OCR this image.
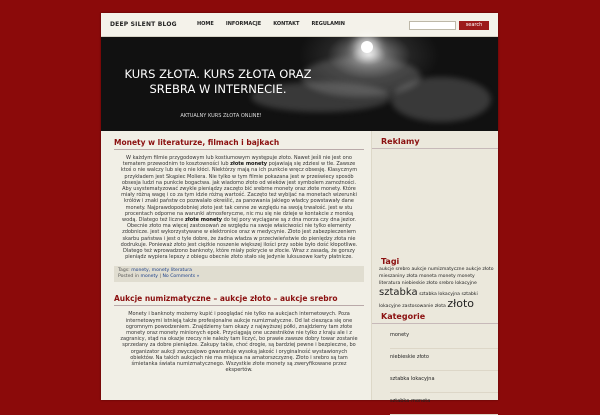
DEEP SILENT BLOG	HOME INFORMACJE KONTAKT REGULAMIN	search
KURS ZŁOTA. KURS ZŁOTA ORAZ SREBRA W INTERNECIE.
AKTUALNY KURS ZŁOTA ONLINE!
Monety w literaturze, filmach i bajkach
W każdym filmie przygodowym lub kostiumowym występuje złoto. Nawet jeśli nie jest ono tematem przewodnim to kosztowności lub złote monety pojawiają się zdziesi w tle. Zawsze ktoś o nie walczy lub się o nie kłóci. Niektórzy mają na ich punkcie wręcz obsesję. Klasycznym przykładem jest Skąpiec Moliera. Nie tylko w tym filmie pokazana jest w przeświecy sposób obsesja ludzi na punkcie bogactwa. jak wiadomo złoto od wieków jest symbolem zamożności. Aby usystematyzować zwykle pieniądzy zaczęto bić srebrne monety oraz złote monety. Które miały różną wagę i co za tym idzie różną wartość. Zaczęto też wybijać na monetach wizerunki królów i znaki państw co pozwalało określić, za panowania jakiego władcy powstawały dane monety. Najprawdopodobniej złoto jest tak cenne ze względu na swoją trwałość. jest w stu procentach odporne na warunki atmosferyczne, nic mu się nie dzieje w kontakcie z morską wodą. Dlatego też liczne złote monety do tej pory wyciągane są z dna morza czy dna jezior. Obecnie złoto ma więcej zastosowań ze względu na swoje właściwości nie tylko elementy zdobnicze. jest wykorzystywane w elektronice oraz w medycynie. Złoto jest zabezpieczeniem skarbu państwa i jest o tyle dobre, że żadna władza w przeciwieństwie do pieniędzy złota nie dodrukuje. Ponieważ złoto jest ciężkie noszenie większej ilości przy sobie było dość kłopotliwe. Dlatego też wprowadzono banknoty, które miały pokrycie w złocie. Wraz z zasadą, że gorszy pieniądz wypiera lepszy z obiegu obecnie złoto stało się jedynie luksusowe karty płatnicze.
Tags: monety, monety literatura
Posted in monety | No Comments »
Aukcje numizmatyczne – aukcje złoto – aukcje srebro
Monety i banknoty możemy kupić i pooglądać nie tylko na aukcjach internetowych. Poza internetowymi istnieją także profesjonalne aukcje numizmatyczne. Od lat ciesząca się one ogromnym powodzeniem. Znajdziemy tam okazy z najwyższej półki, znajdziemy tam złote monety oraz monety minionych epok. Przyciągają one uczestników nie tylko z kraju ale i z zagranicy, stąd na okazje rzeczy nie należy tam liczyć, bo prawie zawsze dobry towar zostanie sprzedany za dobre pieniądze. Zakupy takie, choć drogie, są bardziej pewne i bezpieczne, bo organizator aukcji zwyczajowo gwarantuje wysoką jakość i oryginalność wystawionych obiektów. Na takich aukcjach nie ma miejsca na amatorszczyznę. Złoto i srebro są tam śmietanka świata numizmatycznego. Wszystkie złote monety są zweryfikowane przez ekspertów.
Reklamy
Tagi
aukcje srebro aukcje numizmatyczne aukcje złoto mieszaniny złota moneta monety monety literatura niebieskie złoto srebro lokacyjne sztabka sztabka lokacyjna sztabki lokacyjne zastosowanie złota złoto
Kategorie
monety
niebieskie złoto
sztabka lokacyjna
sztabka-moneta
